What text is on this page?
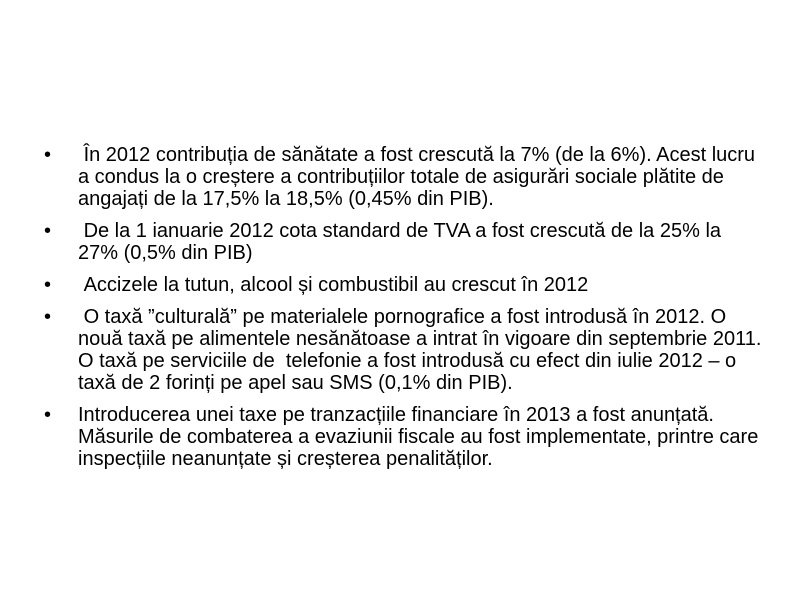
•	În 2012 contribuția de sănătate a fost crescută la 7% (de la 6%). Acest lucru a condus la o creștere a contribuțiilor totale de asigurări sociale plătite de angajați de la 17,5% la 18,5% (0,45% din PIB).
•	De la 1 ianuarie 2012 cota standard de TVA a fost crescută de la 25% la 27% (0,5% din PIB)
•	Accizele la tutun, alcool și combustibil au crescut în 2012
•	O taxă ”culturală” pe materialele pornografice a fost introdusă în 2012. O nouă taxă pe alimentele nesănătoase a intrat în vigoare din septembrie 2011. O taxă pe serviciile de  telefonie a fost introdusă cu efect din iulie 2012 – o taxă de 2 forinți pe apel sau SMS (0,1% din PIB).
•	Introducerea unei taxe pe tranzacțiile financiare în 2013 a fost anunțată. Măsurile de combaterea a evaziunii fiscale au fost implementate, printre care inspecțiile neanunțate și creșterea penalităților.
